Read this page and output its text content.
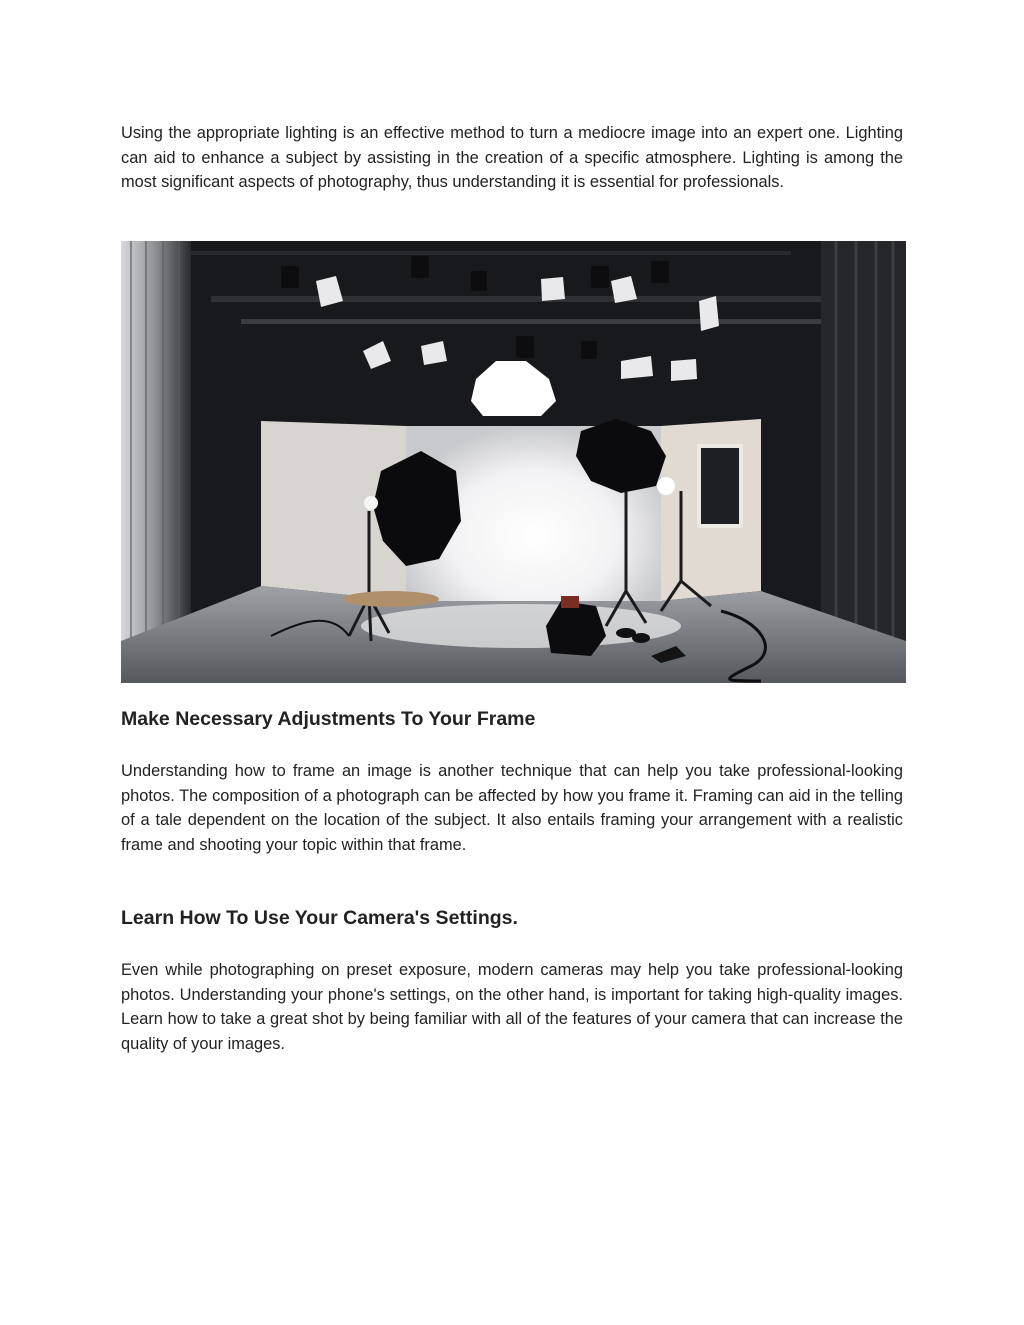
Using the appropriate lighting is an effective method to turn a mediocre image into an expert one. Lighting can aid to enhance a subject by assisting in the creation of a specific atmosphere. Lighting is among the most significant aspects of photography, thus understanding it is essential for professionals.

Make Necessary Adjustments To Your Frame

Understanding how to frame an image is another technique that can help you take professional-looking photos. The composition of a photograph can be affected by how you frame it. Framing can aid in the telling of a tale dependent on the location of the subject. It also entails framing your arrangement with a realistic frame and shooting your topic within that frame.

Learn How To Use Your Camera's Settings.

Even while photographing on preset exposure, modern cameras may help you take professional-looking photos. Understanding your phone's settings, on the other hand, is important for taking high-quality images. Learn how to take a great shot by being familiar with all of the features of your camera that can increase the quality of your images.
